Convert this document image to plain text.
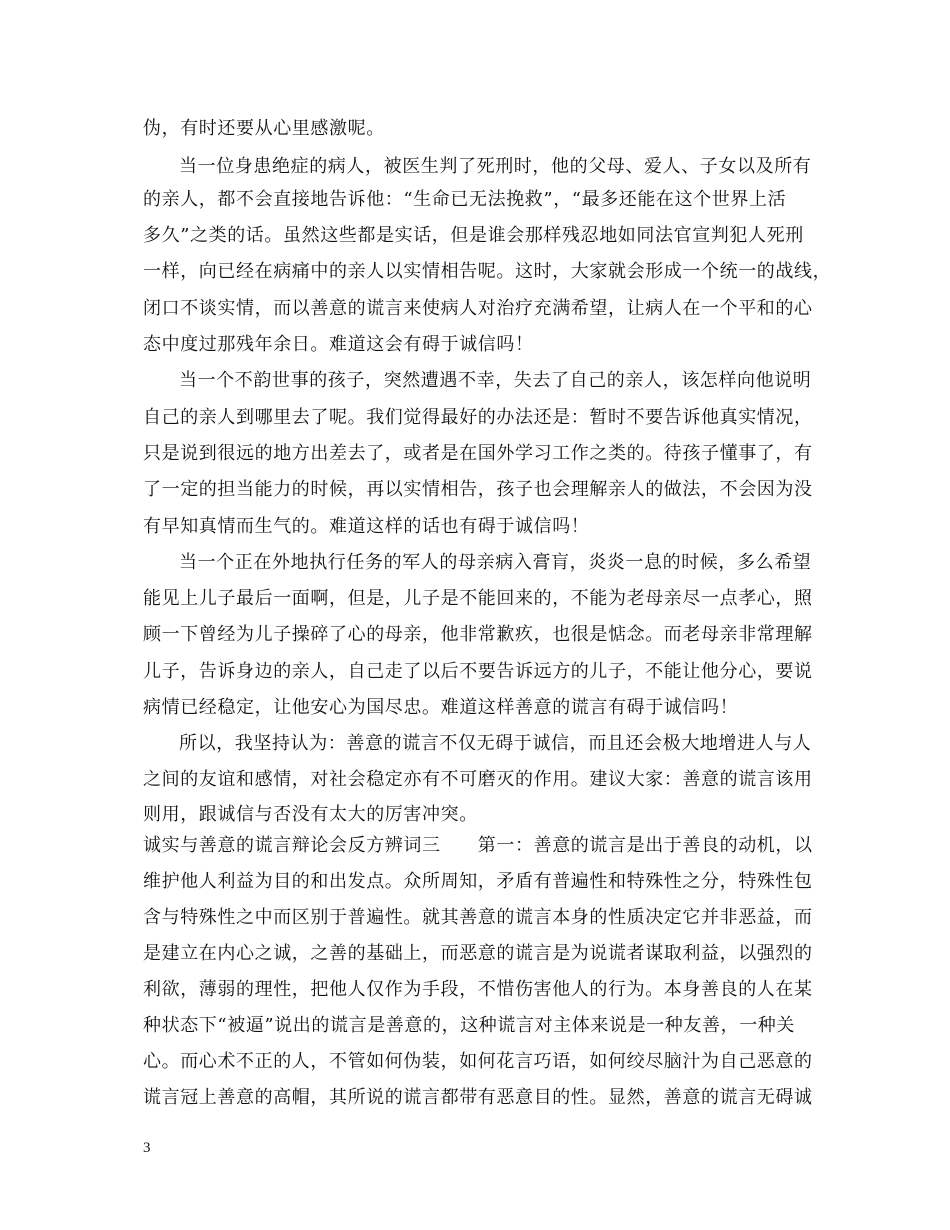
伪，有时还要从心里感激呢。
当一位身患绝症的病人，被医生判了死刑时，他的父母、爱人、子女以及所有
的亲人，都不会直接地告诉他：“生命已无法挽救”，“最多还能在这个世界上活
多久”之类的话。虽然这些都是实话，但是谁会那样残忍地如同法官宣判犯人死刑
一样，向已经在病痛中的亲人以实情相告呢。这时，大家就会形成一个统一的战线，
闭口不谈实情，而以善意的谎言来使病人对治疗充满希望，让病人在一个平和的心
态中度过那残年余日。难道这会有碍于诚信吗！
当一个不韵世事的孩子，突然遭遇不幸，失去了自己的亲人，该怎样向他说明
自己的亲人到哪里去了呢。我们觉得最好的办法还是：暂时不要告诉他真实情况，
只是说到很远的地方出差去了，或者是在国外学习工作之类的。待孩子懂事了，有
了一定的担当能力的时候，再以实情相告，孩子也会理解亲人的做法，不会因为没
有早知真情而生气的。难道这样的话也有碍于诚信吗！
当一个正在外地执行任务的军人的母亲病入膏肓，炎炎一息的时候，多么希望
能见上儿子最后一面啊，但是，儿子是不能回来的，不能为老母亲尽一点孝心，照
顾一下曾经为儿子操碎了心的母亲，他非常歉疚，也很是惦念。而老母亲非常理解
儿子，告诉身边的亲人，自己走了以后不要告诉远方的儿子，不能让他分心，要说
病情已经稳定，让他安心为国尽忠。难道这样善意的谎言有碍于诚信吗！
所以，我坚持认为：善意的谎言不仅无碍于诚信，而且还会极大地增进人与人
之间的友谊和感情，对社会稳定亦有不可磨灭的作用。建议大家：善意的谎言该用
则用，跟诚信与否没有太大的厉害冲突。
诚实与善意的谎言辩论会反方辨词三　　第一：善意的谎言是出于善良的动机，以
维护他人利益为目的和出发点。众所周知，矛盾有普遍性和特殊性之分，特殊性包
含与特殊性之中而区别于普遍性。就其善意的谎言本身的性质决定它并非恶益，而
是建立在内心之诚，之善的基础上，而恶意的谎言是为说谎者谋取利益，以强烈的
利欲，薄弱的理性，把他人仅作为手段，不惜伤害他人的行为。本身善良的人在某
种状态下“被逼”说出的谎言是善意的，这种谎言对主体来说是一种友善，一种关
心。而心术不正的人，不管如何伪装，如何花言巧语，如何绞尽脑汁为自己恶意的
谎言冠上善意的高帽，其所说的谎言都带有恶意目的性。显然，善意的谎言无碍诚
3
